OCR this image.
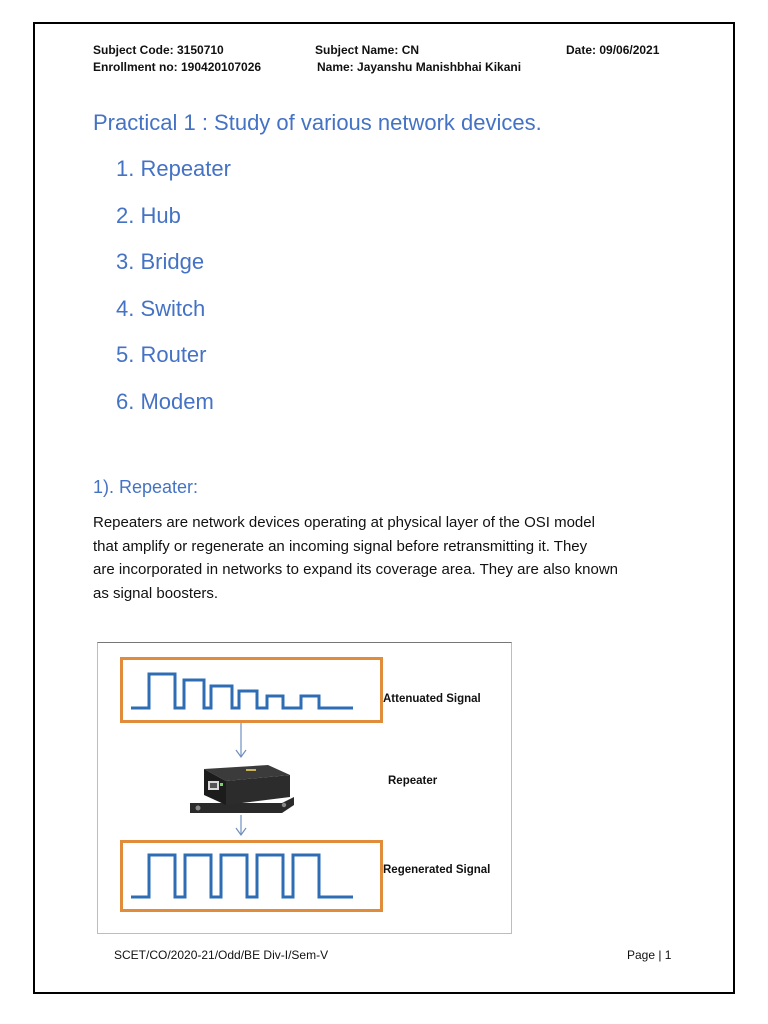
Subject Code: 3150710	Subject Name: CN	Date: 09/06/2021
Enrollment no: 190420107026	Name: Jayanshu Manishbhai Kikani
Practical 1 : Study of various network devices.
1. Repeater
2. Hub
3. Bridge
4. Switch
5. Router
6. Modem
1). Repeater:
Repeaters are network devices operating at physical layer of the OSI model
that amplify or regenerate an incoming signal before retransmitting it. They
are incorporated in networks to expand its coverage area. They are also known
as signal boosters.
Attenuated Signal
Repeater
Regenerated Signal
SCET/CO/2020-21/Odd/BE Div-I/Sem-V	Page | 1
